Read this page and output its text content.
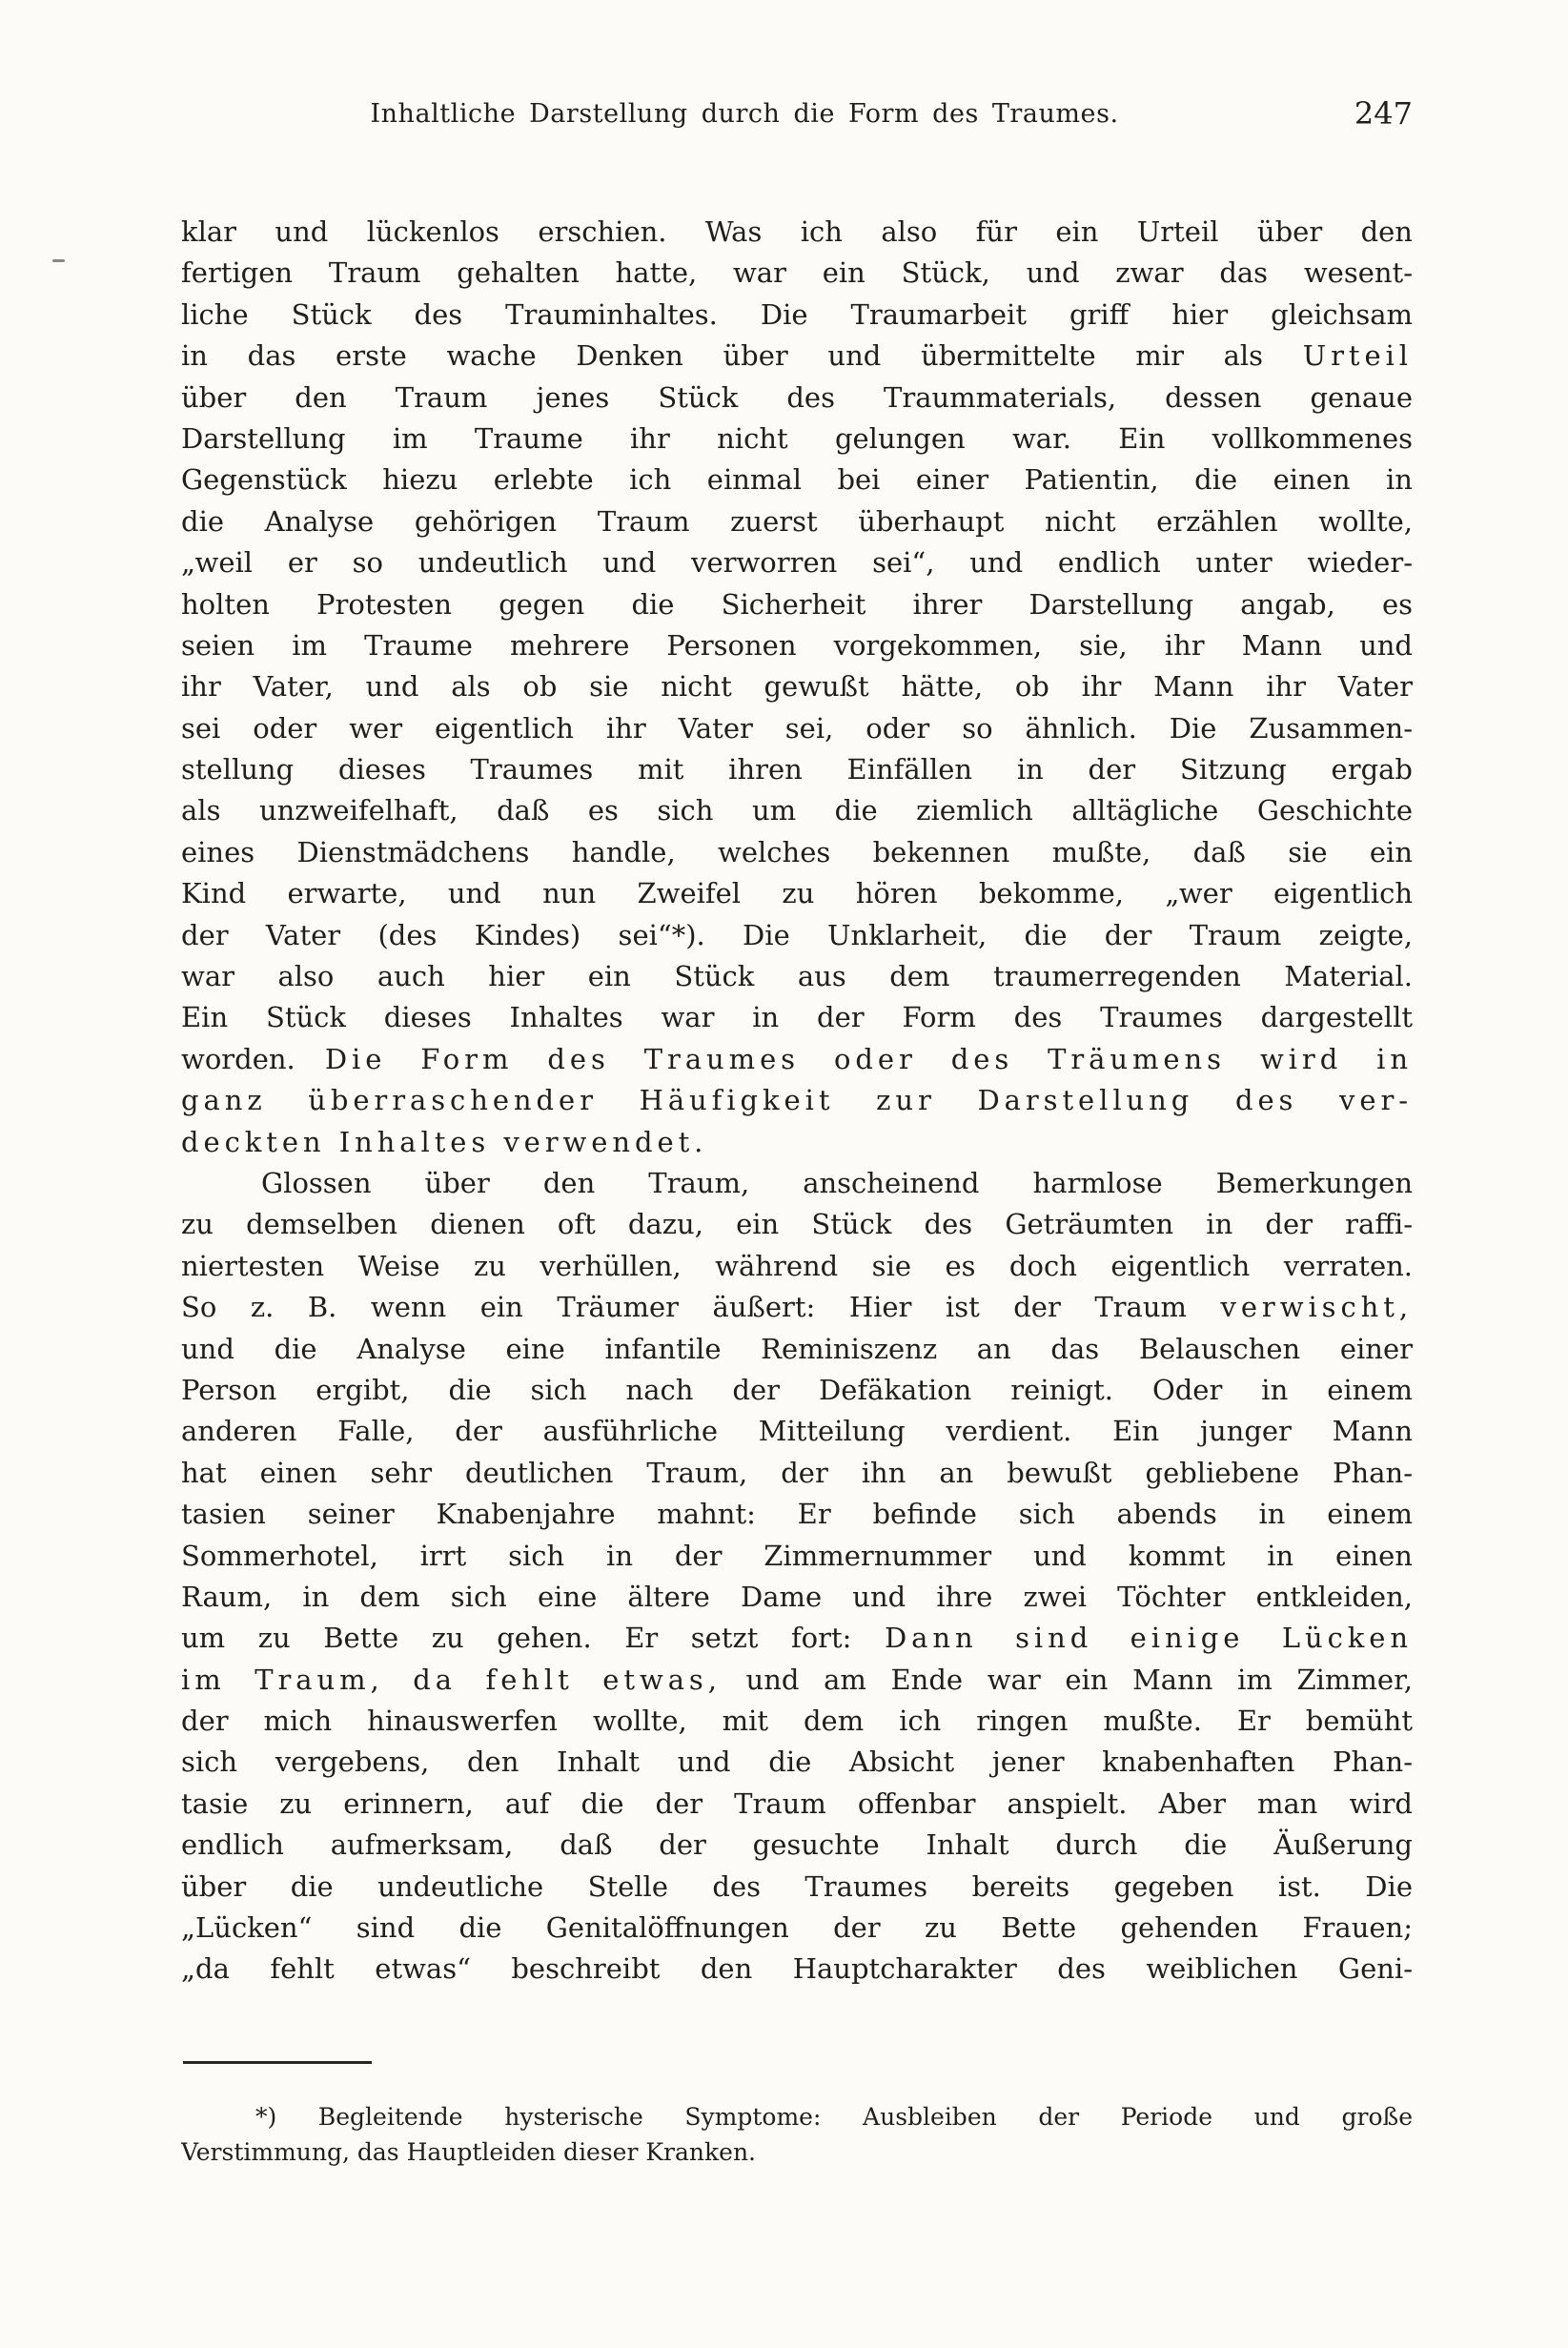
Inhaltliche Darstellung durch die Form des Traumes.	247
klar und lückenlos erschien. Was ich also für ein Urteil über den
fertigen Traum gehalten hatte, war ein Stück, und zwar das wesent-
liche Stück des Trauminhaltes. Die Traumarbeit griff hier gleichsam
in das erste wache Denken über und übermittelte mir als Urteil
über den Traum jenes Stück des Traummaterials, dessen genaue
Darstellung im Traume ihr nicht gelungen war. Ein vollkommenes
Gegenstück hiezu erlebte ich einmal bei einer Patientin, die einen in
die Analyse gehörigen Traum zuerst überhaupt nicht erzählen wollte,
„weil er so undeutlich und verworren sei“, und endlich unter wieder-
holten Protesten gegen die Sicherheit ihrer Darstellung angab, es
seien im Traume mehrere Personen vorgekommen, sie, ihr Mann und
ihr Vater, und als ob sie nicht gewußt hätte, ob ihr Mann ihr Vater
sei oder wer eigentlich ihr Vater sei, oder so ähnlich. Die Zusammen-
stellung dieses Traumes mit ihren Einfällen in der Sitzung ergab
als unzweifelhaft, daß es sich um die ziemlich alltägliche Geschichte
eines Dienstmädchens handle, welches bekennen mußte, daß sie ein
Kind erwarte, und nun Zweifel zu hören bekomme, „wer eigentlich
der Vater (des Kindes) sei“*). Die Unklarheit, die der Traum zeigte,
war also auch hier ein Stück aus dem traumerregenden Material.
Ein Stück dieses Inhaltes war in der Form des Traumes dargestellt
worden. Die Form des Traumes oder des Träumens wird in
ganz überraschender Häufigkeit zur Darstellung des ver-
deckten Inhaltes verwendet.
Glossen über den Traum, anscheinend harmlose Bemerkungen
zu demselben dienen oft dazu, ein Stück des Geträumten in der raffi-
niertesten Weise zu verhüllen, während sie es doch eigentlich verraten.
So z. B. wenn ein Träumer äußert: Hier ist der Traum verwischt,
und die Analyse eine infantile Reminiszenz an das Belauschen einer
Person ergibt, die sich nach der Defäkation reinigt. Oder in einem
anderen Falle, der ausführliche Mitteilung verdient. Ein junger Mann
hat einen sehr deutlichen Traum, der ihn an bewußt gebliebene Phan-
tasien seiner Knabenjahre mahnt: Er befinde sich abends in einem
Sommerhotel, irrt sich in der Zimmernummer und kommt in einen
Raum, in dem sich eine ältere Dame und ihre zwei Töchter entkleiden,
um zu Bette zu gehen. Er setzt fort: Dann sind einige Lücken
im Traum, da fehlt etwas, und am Ende war ein Mann im Zimmer,
der mich hinauswerfen wollte, mit dem ich ringen mußte. Er bemüht
sich vergebens, den Inhalt und die Absicht jener knabenhaften Phan-
tasie zu erinnern, auf die der Traum offenbar anspielt. Aber man wird
endlich aufmerksam, daß der gesuchte Inhalt durch die Äußerung
über die undeutliche Stelle des Traumes bereits gegeben ist. Die
„Lücken“ sind die Genitalöffnungen der zu Bette gehenden Frauen;
„da fehlt etwas“ beschreibt den Hauptcharakter des weiblichen Geni-
*) Begleitende hysterische Symptome: Ausbleiben der Periode und große
Verstimmung, das Hauptleiden dieser Kranken.
